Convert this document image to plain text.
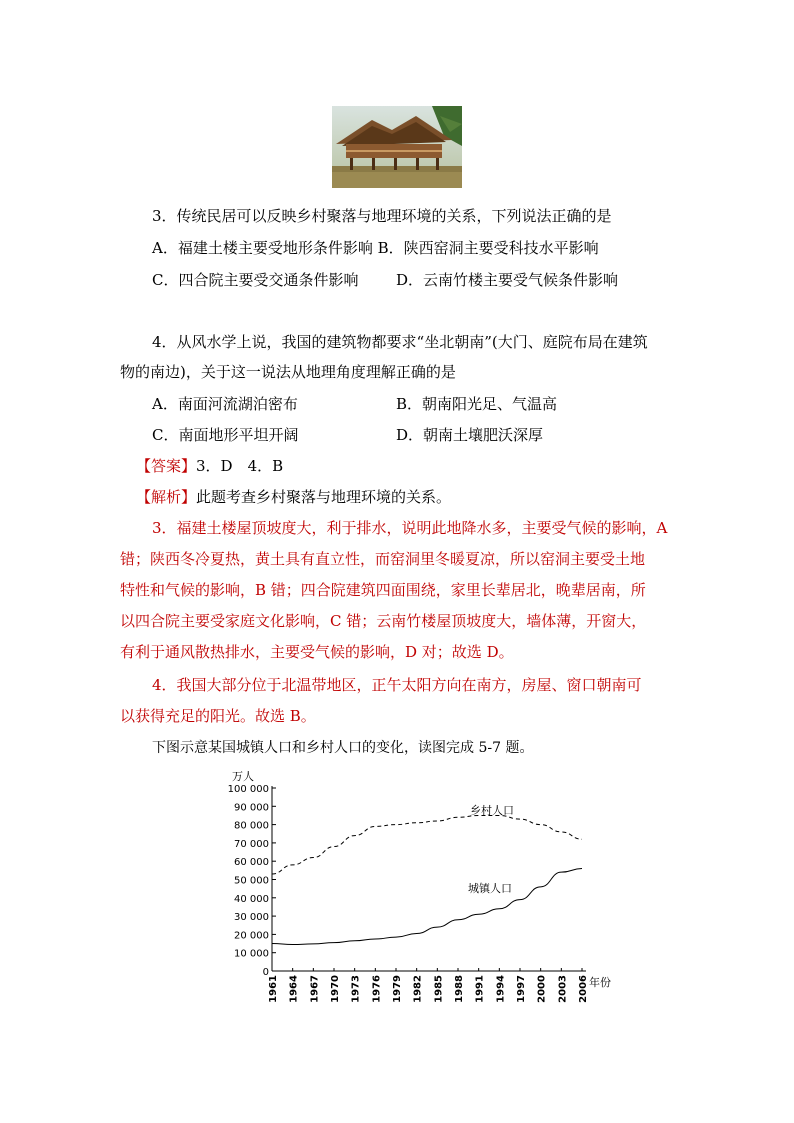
3．传统民居可以反映乡村聚落与地理环境的关系，下列说法正确的是
A．福建土楼主要受地形条件影响 B．陕西窑洞主要受科技水平影响
C．四合院主要受交通条件影响	D．云南竹楼主要受气候条件影响
4．从风水学上说，我国的建筑物都要求“坐北朝南”(大门、庭院布局在建筑
物的南边)，关于这一说法从地理角度理解正确的是
A．南面河流湖泊密布	B．朝南阳光足、气温高
C．南面地形平坦开阔	D．朝南土壤肥沃深厚
【答案】3．D　4．B
【解析】此题考查乡村聚落与地理环境的关系。
3．福建土楼屋顶坡度大，利于排水，说明此地降水多，主要受气候的影响，A
错；陕西冬冷夏热，黄土具有直立性，而窑洞里冬暖夏凉，所以窑洞主要受土地
特性和气候的影响，B 错；四合院建筑四面围绕，家里长辈居北，晚辈居南，所
以四合院主要受家庭文化影响，C 错；云南竹楼屋顶坡度大，墙体薄，开窗大，
有利于通风散热排水，主要受气候的影响，D 对；故选 D。
4．我国大部分位于北温带地区，正午太阳方向在南方，房屋、窗口朝南可
以获得充足的阳光。故选 B。
下图示意某国城镇人口和乡村人口的变化，读图完成 5-7 题。
万人
0
10 000
20 000
30 000
40 000
50 000
60 000
70 000
80 000
90 000
100 000
1961 1964 1967 1970 1973 1976 1979 1982 1985 1988 1991 1994 1997 2000 2003 2006
乡村人口
城镇人口
年份
